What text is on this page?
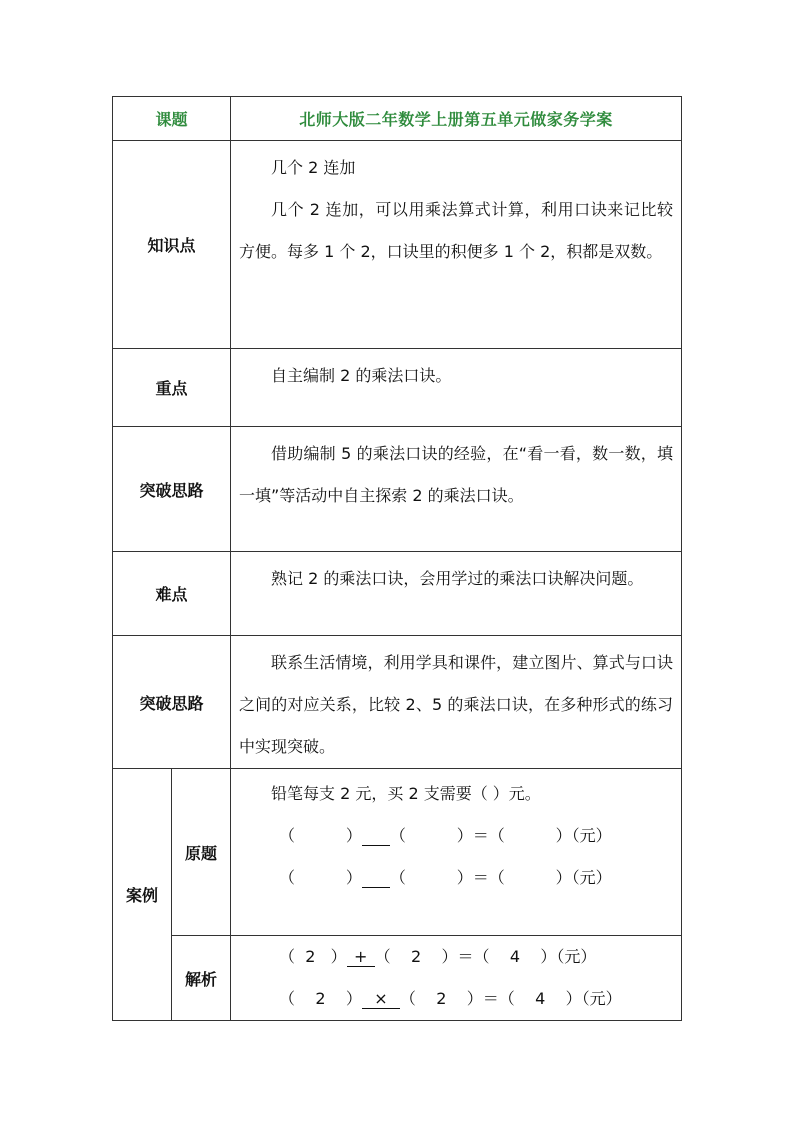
课题		北师大版二年数学上册第五单元做家务学案
知识点		几个 2 连加

几个 2 连加，可以用乘法算式计算，利用口诀来记比较方便。每多 1 个 2，口诀里的积便多 1 个 2，积都是双数。

重点		自主编制 2 的乘法口诀。

突破思路		借助编制 5 的乘法口诀的经验，在“看一看，数一数，填一填”等活动中自主探索 2 的乘法口诀。

难点		熟记 2 的乘法口诀，会用学过的乘法口诀解决问题。

突破思路		联系生活情境，利用学具和课件，建立图片、算式与口诀之间的对应关系，比较 2、5 的乘法口诀，在多种形式的练习中实现突破。

案例	原题	铅笔每支 2 元，买 2 支需要（ ）元。

（          ） （          ）＝（          ）（元）

（          ） （          ）＝（          ）（元）

	解析	（  2   ） + （    2    ）＝（    4    ）（元）

（    2    ） × （    2    ）＝（    4    ）（元）
